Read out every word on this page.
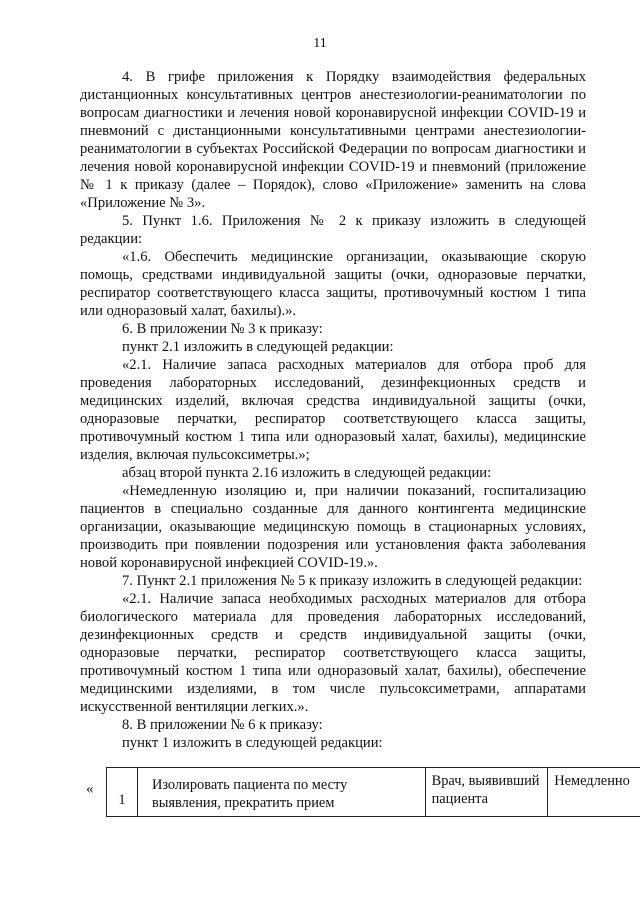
11

4. В грифе приложения к Порядку взаимодействия федеральных дистанционных консультативных центров анестезиологии-реаниматологии по вопросам диагностики и лечения новой коронавирусной инфекции COVID-19 и пневмоний с дистанционными консультативными центрами анестезиологии-реаниматологии в субъектах Российской Федерации по вопросам диагностики и лечения новой коронавирусной инфекции COVID-19 и пневмоний (приложение № 1 к приказу (далее – Порядок), слово «Приложение» заменить на слова «Приложение № 3».

5. Пункт 1.6. Приложения № 2 к приказу изложить в следующей редакции:

«1.6. Обеспечить медицинские организации, оказывающие скорую помощь, средствами индивидуальной защиты (очки, одноразовые перчатки, респиратор соответствующего класса защиты, противочумный костюм 1 типа или одноразовый халат, бахилы).».

6. В приложении № 3 к приказу:

пункт 2.1 изложить в следующей редакции:

«2.1. Наличие запаса расходных материалов для отбора проб для проведения лабораторных исследований, дезинфекционных средств и медицинских изделий, включая средства индивидуальной защиты (очки, одноразовые перчатки, респиратор соответствующего класса защиты, противочумный костюм 1 типа или одноразовый халат, бахилы), медицинские изделия, включая пульсоксиметры.»;

абзац второй пункта 2.16 изложить в следующей редакции:

«Немедленную изоляцию и, при наличии показаний, госпитализацию пациентов в специально созданные для данного контингента медицинские организации, оказывающие медицинскую помощь в стационарных условиях, производить при появлении подозрения или установления факта заболевания новой коронавирусной инфекцией COVID-19.».

7. Пункт 2.1 приложения № 5 к приказу изложить в следующей редакции:

«2.1. Наличие запаса необходимых расходных материалов для отбора биологического материала для проведения лабораторных исследований, дезинфекционных средств и средств индивидуальной защиты (очки, одноразовые перчатки, респиратор соответствующего класса защиты, противочумный костюм 1 типа или одноразовый халат, бахилы), обеспечение медицинскими изделиями, в том числе пульсоксиметрами, аппаратами искусственной вентиляции легких.».

8. В приложении № 6 к приказу:

пункт 1 изложить в следующей редакции:

«
1	Изолировать пациента по месту выявления, прекратить прием	Врач, выявивший пациента	Немедленно
